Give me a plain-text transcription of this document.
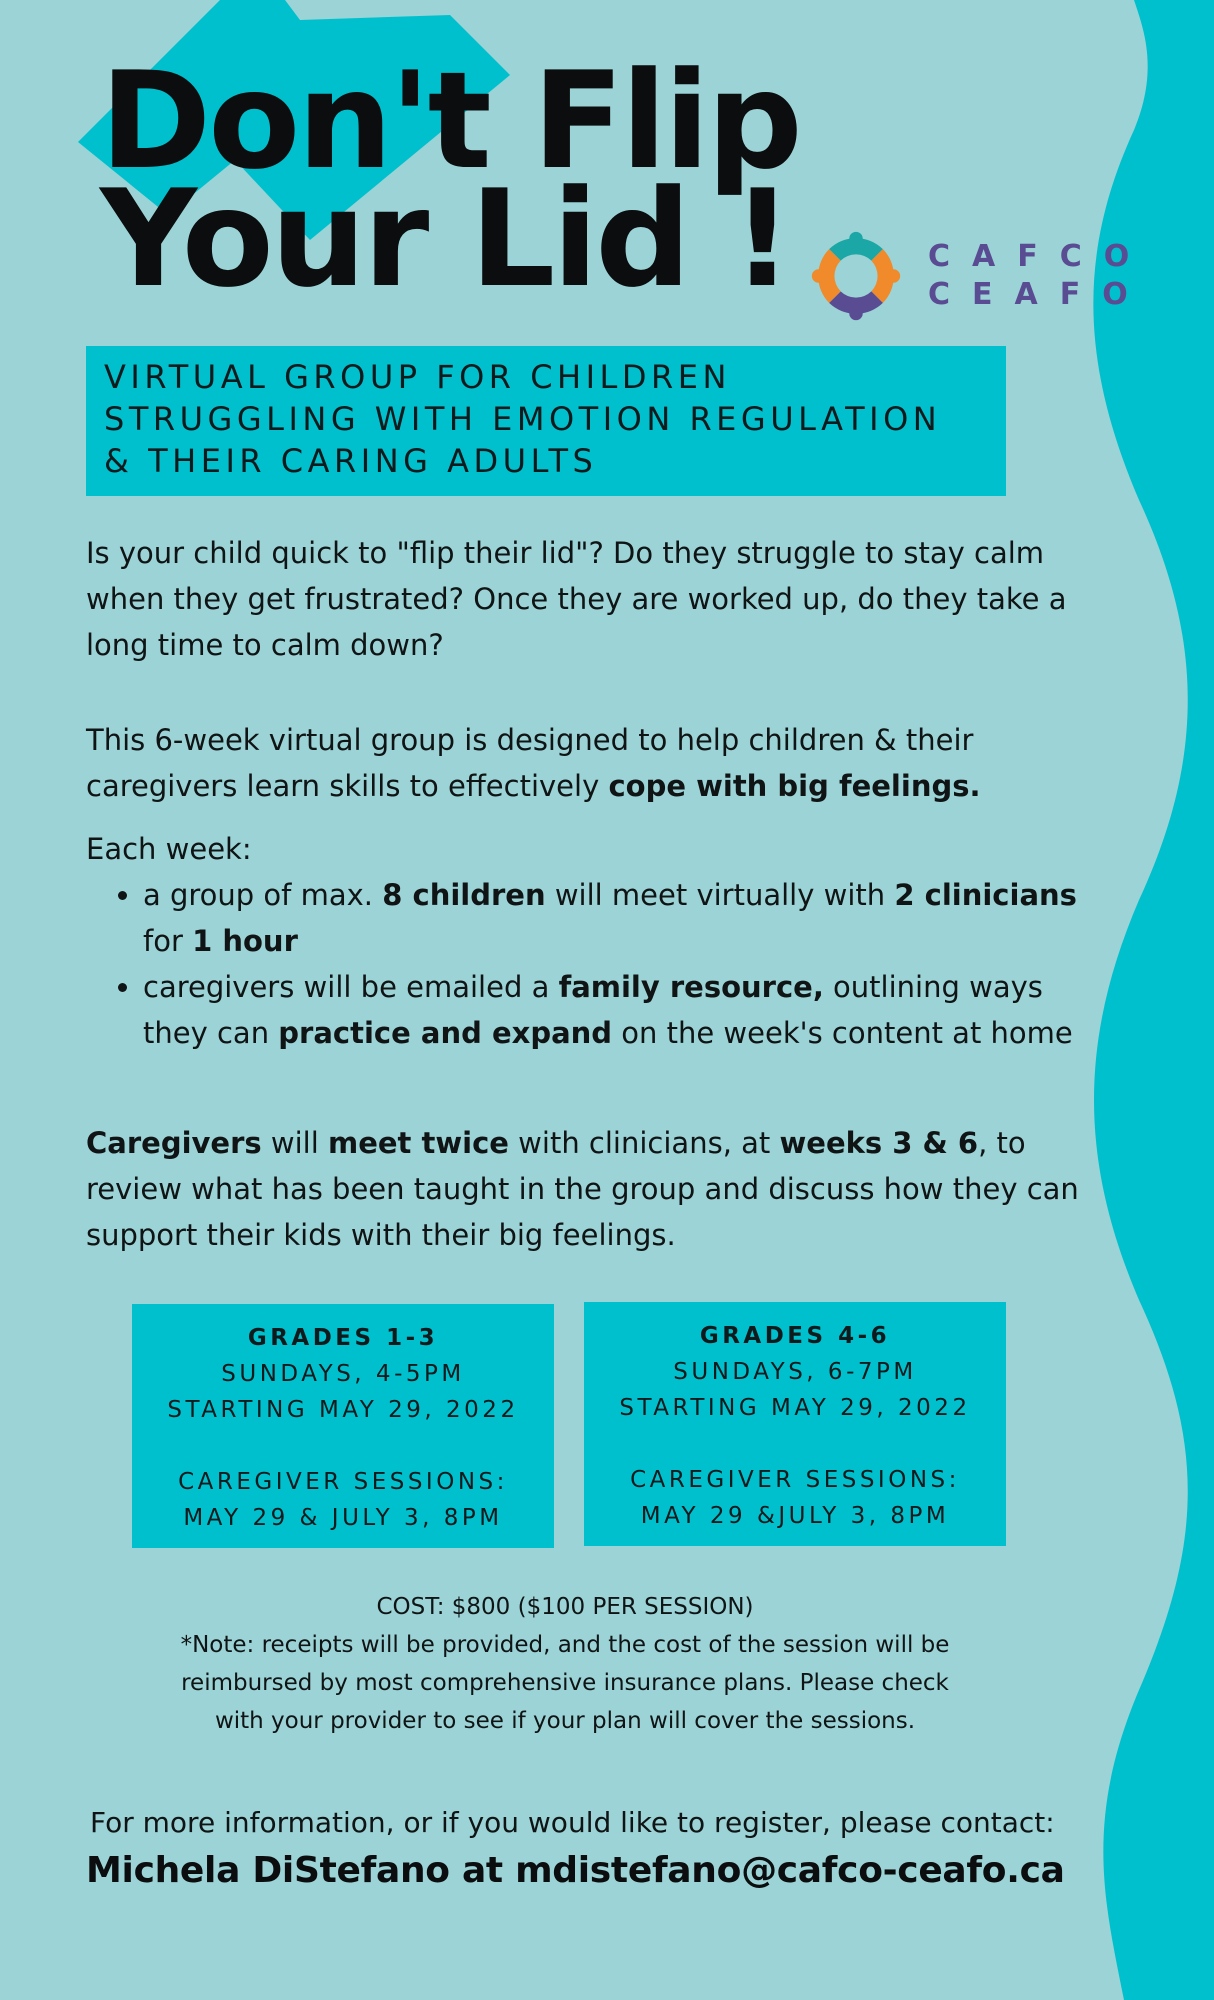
Don't Flip
Your Lid !	CAFCO
CEAFO
VIRTUAL GROUP FOR CHILDREN
STRUGGLING WITH EMOTION REGULATION
& THEIR CARING ADULTS
Is your child quick to "flip their lid"? Do they struggle to stay calm
when they get frustrated? Once they are worked up, do they take a
long time to calm down?
This 6-week virtual group is designed to help children & their
caregivers learn skills to effectively cope with big feelings.
Each week:
• a group of max. 8 children will meet virtually with 2 clinicians
for 1 hour
• caregivers will be emailed a family resource, outlining ways
they can practice and expand on the week's content at home
Caregivers will meet twice with clinicians, at weeks 3 & 6, to
review what has been taught in the group and discuss how they can
support their kids with their big feelings.
GRADES 1-3
SUNDAYS, 4-5PM
STARTING MAY 29, 2022
CAREGIVER SESSIONS:
MAY 29 & JULY 3, 8PM
GRADES 4-6
SUNDAYS, 6-7PM
STARTING MAY 29, 2022
CAREGIVER SESSIONS:
MAY 29 &JULY 3, 8PM
COST: $800 ($100 PER SESSION)
*Note: receipts will be provided, and the cost of the session will be
reimbursed by most comprehensive insurance plans. Please check
with your provider to see if your plan will cover the sessions.
For more information, or if you would like to register, please contact:
Michela DiStefano at mdistefano@cafco-ceafo.ca
